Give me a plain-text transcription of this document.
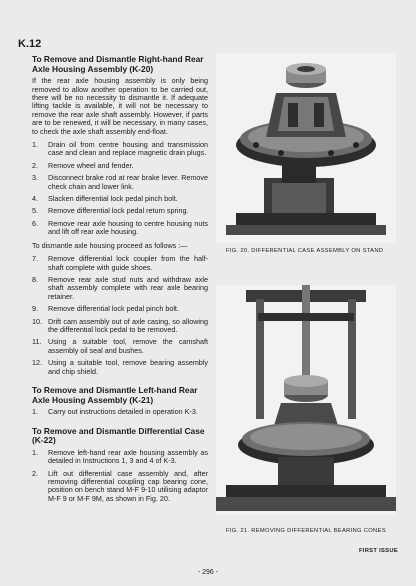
K.12
To Remove and Dismantle Right-hand Rear Axle Housing Assembly (K-20)
If the rear axle housing assembly is only being removed to allow another operation to be carried out, there will be no necessity to dismantle it. If adequate lifting tackle is available, it will not be necessary to remove the rear axle shaft assembly. However, if parts are to be renewed, it will be necessary, in many cases, to check the axle shaft assembly end-float.
1.	Drain oil from centre housing and transmission case and clean and replace magnetic drain plugs.
2.	Remove wheel and fender.
3.	Disconnect brake rod at rear brake lever. Remove check chain and lower link.
4.	Slacken differential lock pedal pinch bolt.
5.	Remove differential lock pedal return spring.
6.	Remove rear axle housing to centre housing nuts and lift off rear axle housing.
To dismantle axle housing proceed as follows :—
7.	Remove differential lock coupler from the half-shaft complete with guide shoes.
8.	Remove rear axle stud nuts and withdraw axle shaft assembly complete with rear axle bearing retainer.
9.	Remove differential lock pedal pinch bolt.
10. Drift cam assembly out of axle casing, so allowing the differential lock pedal to be removed.
11. Using a suitable tool, remove the camshaft assembly oil seal and bushes.
12. Using a suitable tool, remove bearing assembly and chip shield.
To Remove and Dismantle Left-hand Rear Axle Housing Assembly (K-21)
1.	Carry out instructions detailed in operation K-3.
To Remove and Dismantle Differential Case (K-22)
1.	Remove left-hand rear axle housing assembly as detailed in Instructions 1, 3 and 4 of K-3.
2.	Lift out differential case assembly and, after removing differential coupling cap bearing cone, position on bench stand M-F 9-10 utilising adaptor M-F 9 or M-F 9M, as shown in Fig. 20.
FIG. 20. DIFFERENTIAL CASE ASSEMBLY ON STAND
FIG. 21. REMOVING DIFFERENTIAL BEARING CONES
FIRST ISSUE
- 296 -
